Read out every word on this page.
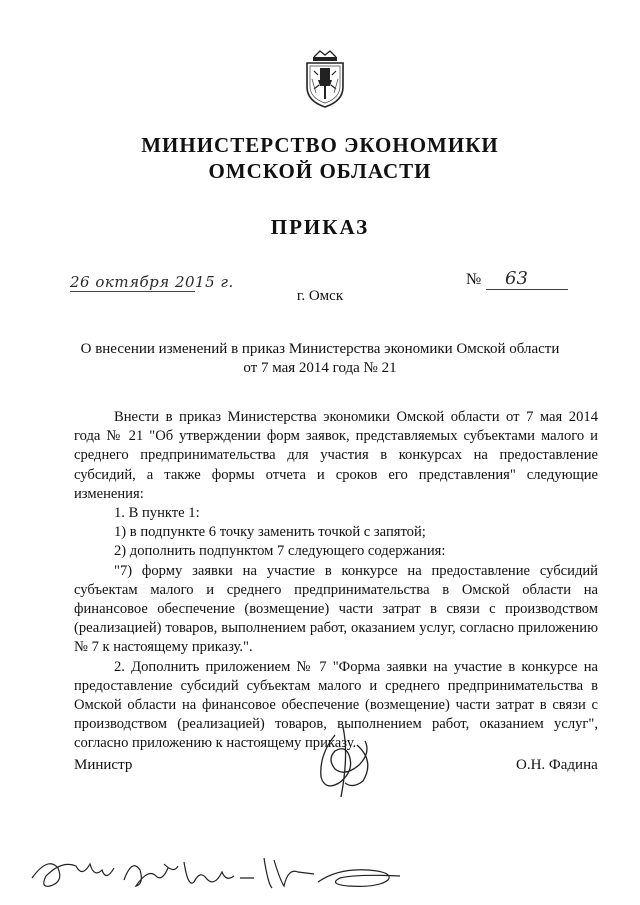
МИНИСТЕРСТВО ЭКОНОМИКИ
ОМСКОЙ ОБЛАСТИ
ПРИКАЗ
26 октября 2015 г.	№ 63
г. Омск
О внесении изменений в приказ Министерства экономики Омской области
от 7 мая 2014 года № 21

Внести в приказ Министерства экономики Омской области от 7 мая 2014 года № 21 "Об утверждении форм заявок, представляемых субъектами малого и среднего предпринимательства для участия в конкурсах на предоставление субсидий, а также формы отчета и сроков его представления" следующие изменения:

1. В пункте 1:

1) в подпункте 6 точку заменить точкой с запятой;

2) дополнить подпунктом 7 следующего содержания:

"7) форму заявки на участие в конкурсе на предоставление субсидий субъектам малого и среднего предпринимательства в Омской области на финансовое обеспечение (возмещение) части затрат в связи с производством (реализацией) товаров, выполнением работ, оказанием услуг, согласно приложению № 7 к настоящему приказу.".

2. Дополнить приложением № 7 "Форма заявки на участие в конкурсе на предоставление субсидий субъектам малого и среднего предпринимательства в Омской области на финансовое обеспечение (возмещение) части затрат в связи с производством (реализацией) товаров, выполнением работ, оказанием услуг", согласно приложению к настоящему приказу.

Министр	О.Н. Фадина
